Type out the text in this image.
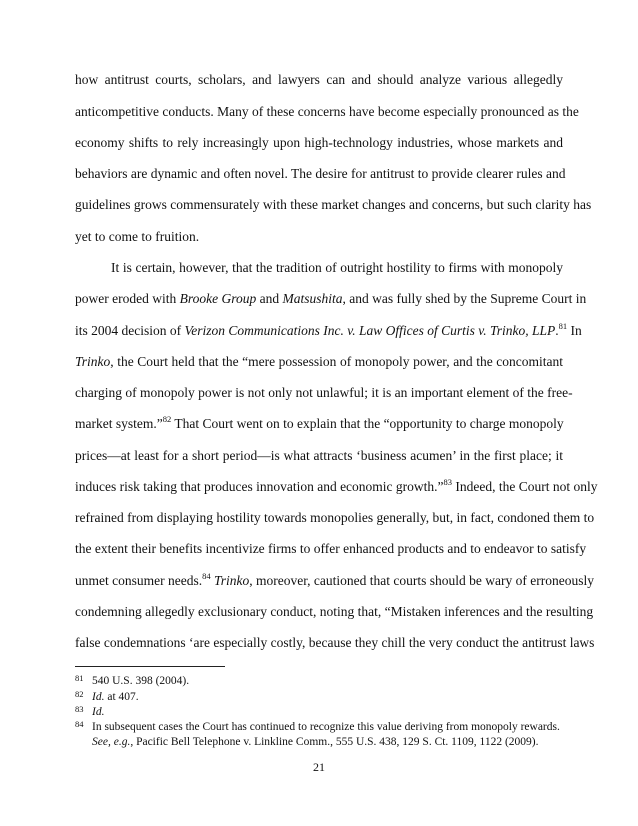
how antitrust courts, scholars, and lawyers can and should analyze various allegedly
anticompetitive conducts. Many of these concerns have become especially pronounced as the
economy shifts to rely increasingly upon high-technology industries, whose markets and
behaviors are dynamic and often novel. The desire for antitrust to provide clearer rules and
guidelines grows commensurately with these market changes and concerns, but such clarity has
yet to come to fruition.
It is certain, however, that the tradition of outright hostility to firms with monopoly
power eroded with Brooke Group and Matsushita, and was fully shed by the Supreme Court in
its 2004 decision of Verizon Communications Inc. v. Law Offices of Curtis v. Trinko, LLP.$^{81}$ In
Trinko, the Court held that the “mere possession of monopoly power, and the concomitant
charging of monopoly power is not only not unlawful; it is an important element of the free-
market system.”$^{82}$ That Court went on to explain that the “opportunity to charge monopoly
prices—at least for a short period—is what attracts ‘business acumen’ in the first place; it
induces risk taking that produces innovation and economic growth.”$^{83}$ Indeed, the Court not only
refrained from displaying hostility towards monopolies generally, but, in fact, condoned them to
the extent their benefits incentivize firms to offer enhanced products and to endeavor to satisfy
unmet consumer needs.$^{84}$ Trinko, moreover, cautioned that courts should be wary of erroneously
condemning allegedly exclusionary conduct, noting that, “Mistaken inferences and the resulting
false condemnations ‘are especially costly, because they chill the very conduct the antitrust laws
81 540 U.S. 398 (2004).
82 Id. at 407.
83 Id.
84 In subsequent cases the Court has continued to recognize this value deriving from monopoly rewards.
See, e.g., Pacific Bell Telephone v. Linkline Comm., 555 U.S. 438, 129 S. Ct. 1109, 1122 (2009).
21
